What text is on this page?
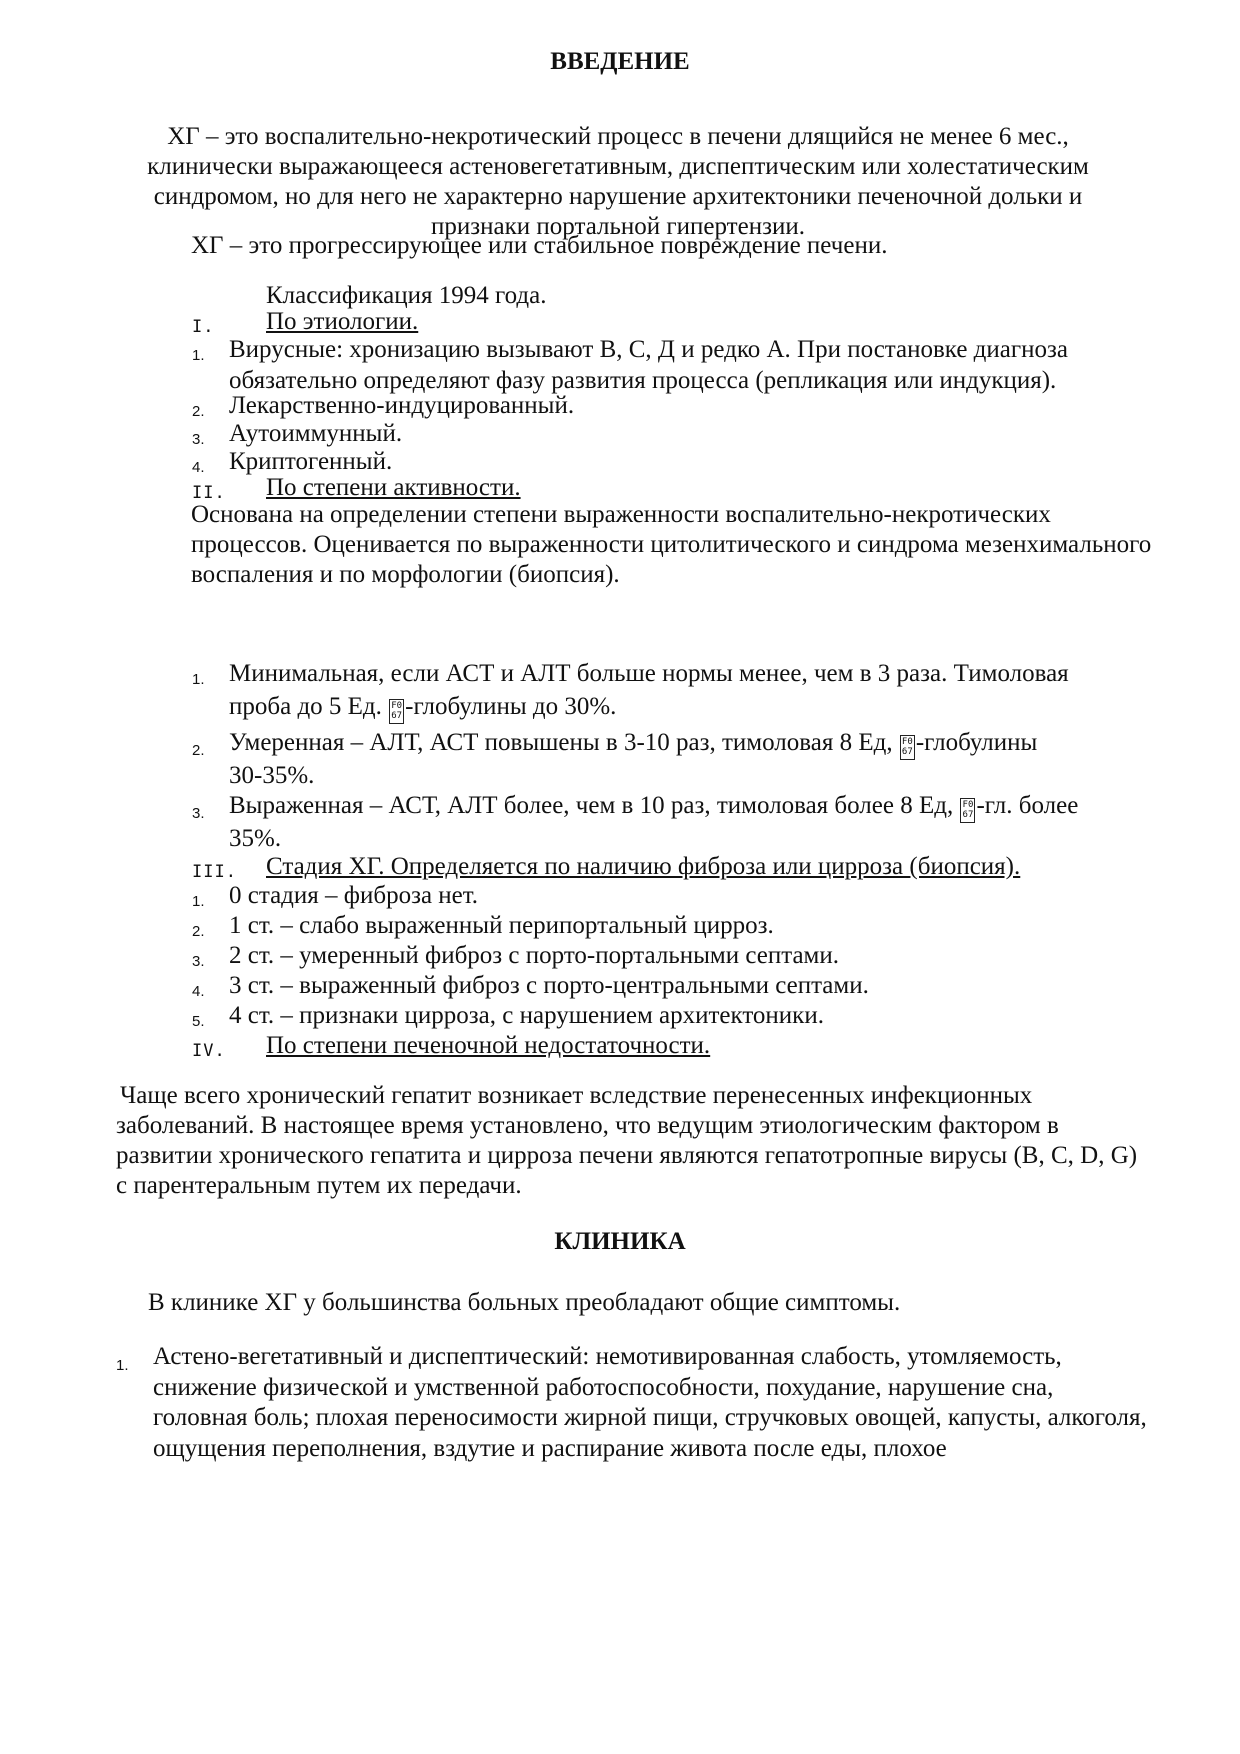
ВВЕДЕНИЕ
ХГ – это воспалительно-некротический процесс в печени длящийся не менее 6 мес., клинически выражающееся астеновегетативным, диспептическим или холестатическим синдромом, но для него не характерно нарушение архитектоники печеночной дольки и признаки портальной гипертензии.
ХГ – это прогрессирующее или стабильное повреждение печени.
Классификация 1994 года.
I. По этиологии.
1. Вирусные: хронизацию вызывают В, С, Д и редко А. При постановке диагноза обязательно определяют фазу развития процесса (репликация или индукция).
2. Лекарственно-индуцированный.
3. Аутоиммунный.
4. Криптогенный.
II. По степени активности.
Основана на определении степени выраженности воспалительно-некротических процессов. Оценивается по выраженности цитолитического и синдрома мезенхимального воспаления и по морфологии (биопсия).
1. Минимальная, если АСТ и АЛТ больше нормы менее, чем в 3 раза. Тимоловая
проба до 5 Ед. F0
67 -глобулины до 30%.
2. Умеренная – АЛТ, АСТ повышены в 3-10 раз, тимоловая 8 Ед, F0
67 -глобулины
30-35%.
3. Выраженная – АСТ, АЛТ более, чем в 10 раз, тимоловая более 8 Ед, F0
67 -гл. более
35%.
III. Стадия ХГ. Определяется по наличию фиброза или цирроза (биопсия).
1. 0 стадия – фиброза нет.
2. 1 ст. – слабо выраженный перипортальный цирроз.
3. 2 ст. – умеренный фиброз с порто-портальными септами.
4. 3 ст. – выраженный фиброз с порто-центральными септами.
5. 4 ст. – признаки цирроза, с нарушением архитектоники.
IV. По степени печеночной недостаточности.
Чаще всего хронический гепатит возникает вследствие перенесенных инфекционных заболеваний. В настоящее время установлено, что ведущим этиологическим фактором в развитии хронического гепатита и цирроза печени являются гепатотропные вирусы (В, С, D, G) с парентеральным путем их передачи.
КЛИНИКА
В клинике ХГ у большинства больных преобладают общие симптомы.
1. Астено-вегетативный и диспептический: немотивированная слабость, утомляемость, снижение физической и умственной работоспособности, похудание, нарушение сна, головная боль; плохая переносимости жирной пищи, стручковых овощей, капусты, алкоголя, ощущения переполнения, вздутие и распирание живота после еды, плохое
